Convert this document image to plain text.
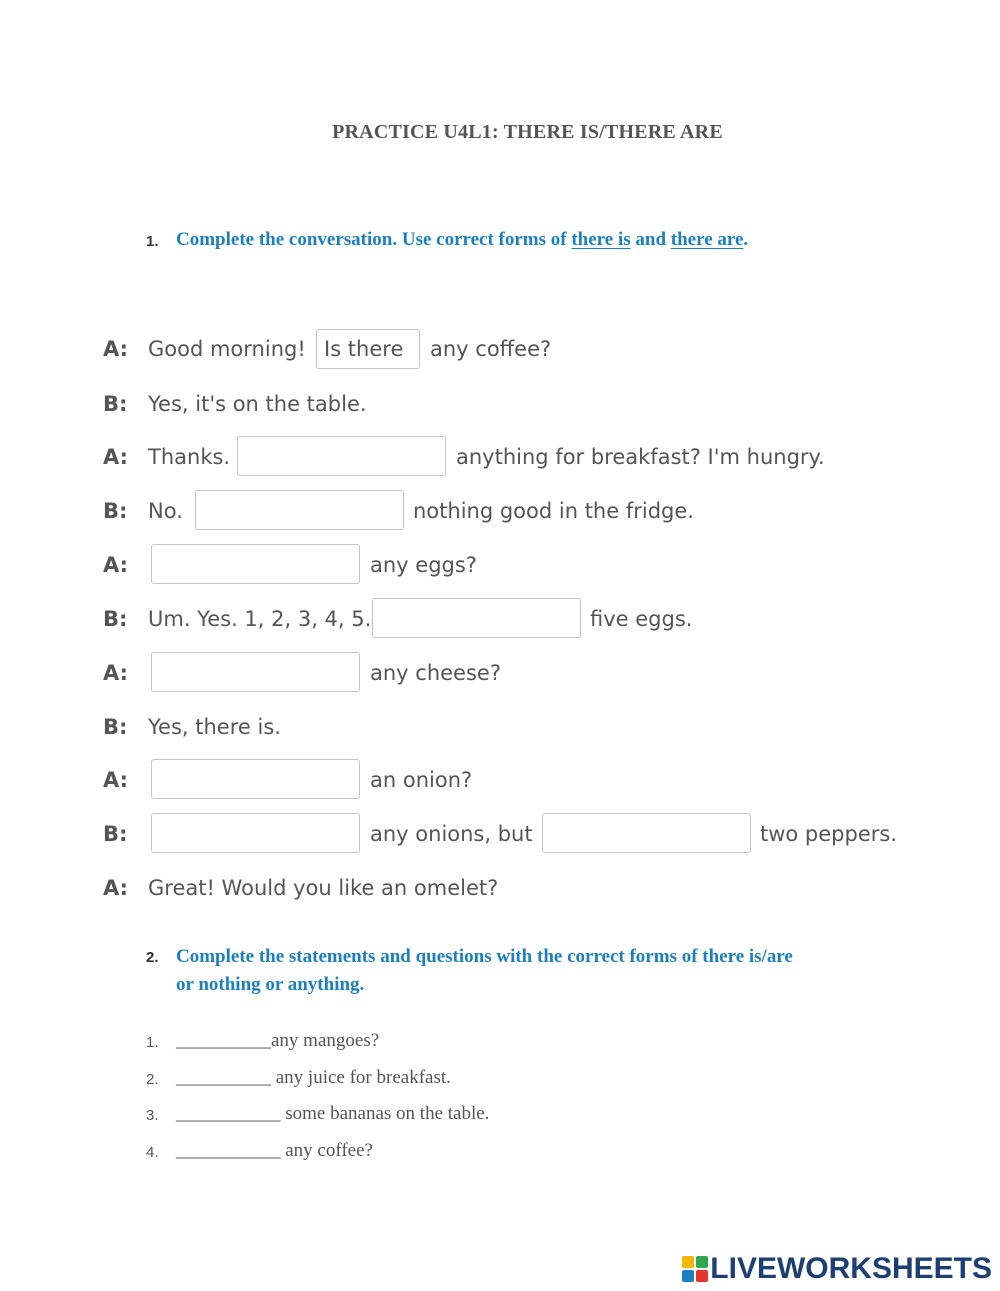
PRACTICE U4L1: THERE IS/THERE ARE
1. Complete the conversation. Use correct forms of there is and there are.
A: Good morning! Is there	any coffee?
B: Yes, it's on the table.
A: Thanks.	anything for breakfast? I'm hungry.
B: No.	nothing good in the fridge.
A:	any eggs?
B: Um. Yes. 1, 2, 3, 4, 5.	five eggs.
A:	any cheese?
B: Yes, there is.
A:	an onion?
B:	any onions, but	two peppers.
A: Great! Would you like an omelet?
2. Complete the statements and questions with the correct forms of there is/are
or nothing or anything.
1. __________any mangoes?
2. __________ any juice for breakfast.
3. ___________ some bananas on the table.
4. ___________ any coffee?
LIVEWORKSHEETS
